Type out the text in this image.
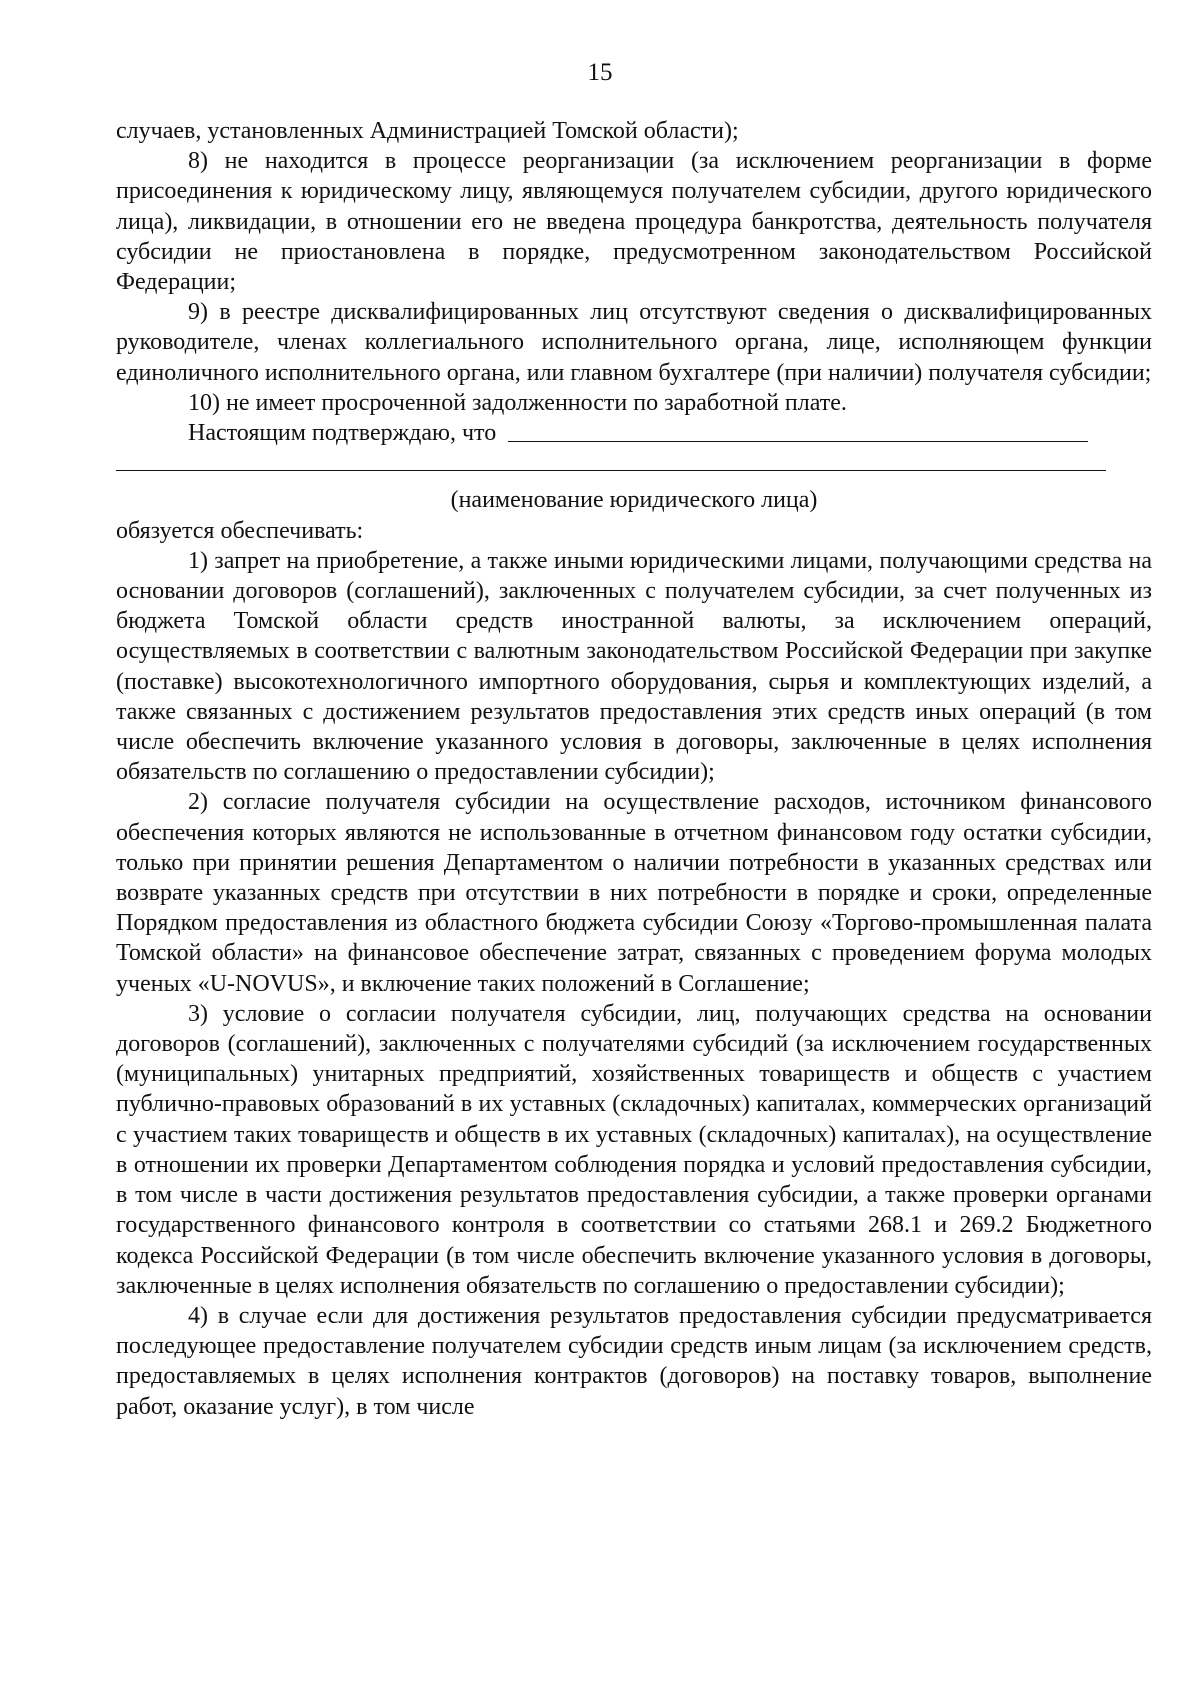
15

случаев, установленных Администрацией Томской области);

8) не находится в процессе реорганизации (за исключением реорганизации в форме присоединения к юридическому лицу, являющемуся получателем субсидии, другого юридического лица), ликвидации, в отношении его не введена процедура банкротства, деятельность получателя субсидии не приостановлена в порядке, предусмотренном законодательством Российской Федерации;

9) в реестре дисквалифицированных лиц отсутствуют сведения о дисквалифицированных руководителе, членах коллегиального исполнительного органа, лице, исполняющем функции единоличного исполнительного органа, или главном бухгалтере (при наличии) получателя субсидии;

10) не имеет просроченной задолженности по заработной плате.

Настоящим подтверждаю, что

(наименование юридического лица)

обязуется обеспечивать:

1) запрет на приобретение, а также иными юридическими лицами, получающими средства на основании договоров (соглашений), заключенных с получателем субсидии, за счет полученных из бюджета Томской области средств иностранной валюты, за исключением операций, осуществляемых в соответствии с валютным законодательством Российской Федерации при закупке (поставке) высокотехнологичного импортного оборудования, сырья и комплектующих изделий, а также связанных с достижением результатов предоставления этих средств иных операций (в том числе обеспечить включение указанного условия в договоры, заключенные в целях исполнения обязательств по соглашению о предоставлении субсидии);

2) согласие получателя субсидии на осуществление расходов, источником финансового обеспечения которых являются не использованные в отчетном финансовом году остатки субсидии, только при принятии решения Департаментом о наличии потребности в указанных средствах или возврате указанных средств при отсутствии в них потребности в порядке и сроки, определенные Порядком предоставления из областного бюджета субсидии Союзу «Торгово-промышленная палата Томской области» на финансовое обеспечение затрат, связанных с проведением форума молодых ученых «U-NOVUS», и включение таких положений в Соглашение;

3) условие о согласии получателя субсидии, лиц, получающих средства на основании договоров (соглашений), заключенных с получателями субсидий (за исключением государственных (муниципальных) унитарных предприятий, хозяйственных товариществ и обществ с участием публично-правовых образований в их уставных (складочных) капиталах, коммерческих организаций с участием таких товариществ и обществ в их уставных (складочных) капиталах), на осуществление в отношении их проверки Департаментом соблюдения порядка и условий предоставления субсидии, в том числе в части достижения результатов предоставления субсидии, а также проверки органами государственного финансового контроля в соответствии со статьями 268.1 и 269.2 Бюджетного кодекса Российской Федерации (в том числе обеспечить включение указанного условия в договоры, заключенные в целях исполнения обязательств по соглашению о предоставлении субсидии);

4) в случае если для достижения результатов предоставления субсидии предусматривается последующее предоставление получателем субсидии средств иным лицам (за исключением средств, предоставляемых в целях исполнения контрактов (договоров) на поставку товаров, выполнение работ, оказание услуг), в том числе
